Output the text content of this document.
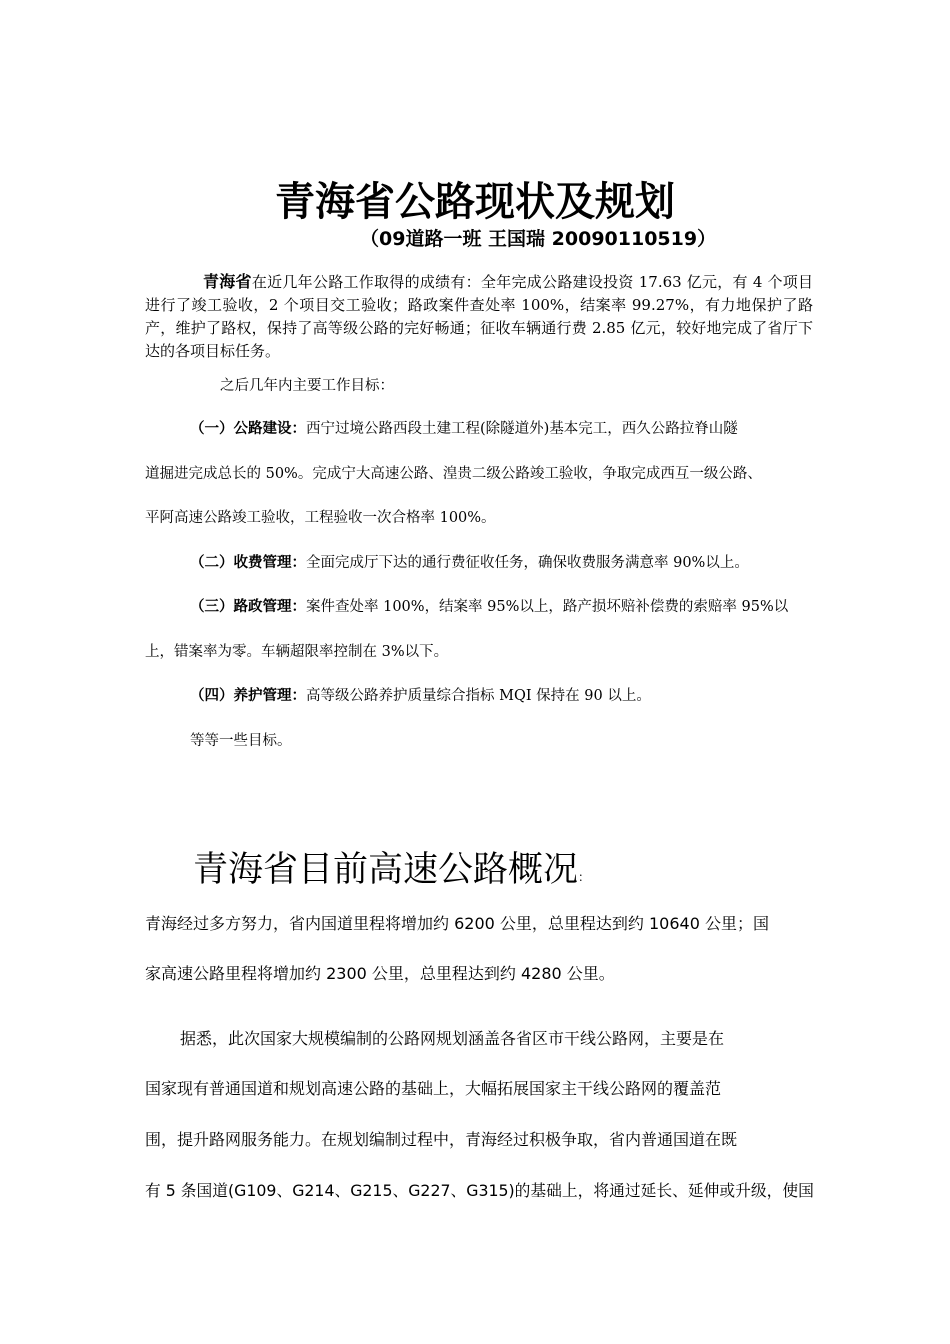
青海省公路现状及规划
（09道路一班 王国瑞 20090110519）

青海省在近几年公路工作取得的成绩有：全年完成公路建设投资 17.63 亿元，有 4 个项目进行了竣工验收，2 个项目交工验收；路政案件查处率 100%，结案率 99.27%，有力地保护了路产，维护了路权，保持了高等级公路的完好畅通；征收车辆通行费 2.85 亿元，较好地完成了省厅下达的各项目标任务。

之后几年内主要工作目标：

（一）公路建设：西宁过境公路西段土建工程(除隧道外)基本完工，西久公路拉脊山隧

道掘进完成总长的 50%。完成宁大高速公路、湟贵二级公路竣工验收，争取完成西互一级公路、

平阿高速公路竣工验收，工程验收一次合格率 100%。

（二）收费管理：全面完成厅下达的通行费征收任务，确保收费服务满意率 90%以上。

（三）路政管理：案件查处率 100%，结案率 95%以上，路产损坏赔补偿费的索赔率 95%以

上，错案率为零。车辆超限率控制在 3%以下。

（四）养护管理：高等级公路养护质量综合指标 MQI 保持在 90 以上。

等等一些目标。

青海省目前高速公路概况：

青海经过多方努力，省内国道里程将增加约 6200 公里，总里程达到约 10640 公里；国

家高速公路里程将增加约 2300 公里，总里程达到约 4280 公里。

据悉，此次国家大规模编制的公路网规划涵盖各省区市干线公路网，主要是在

国家现有普通国道和规划高速公路的基础上，大幅拓展国家主干线公路网的覆盖范

围，提升路网服务能力。在规划编制过程中，青海经过积极争取，省内普通国道在既

有 5 条国道(G109、G214、G215、G227、G315)的基础上，将通过延长、延伸或升级，使国
